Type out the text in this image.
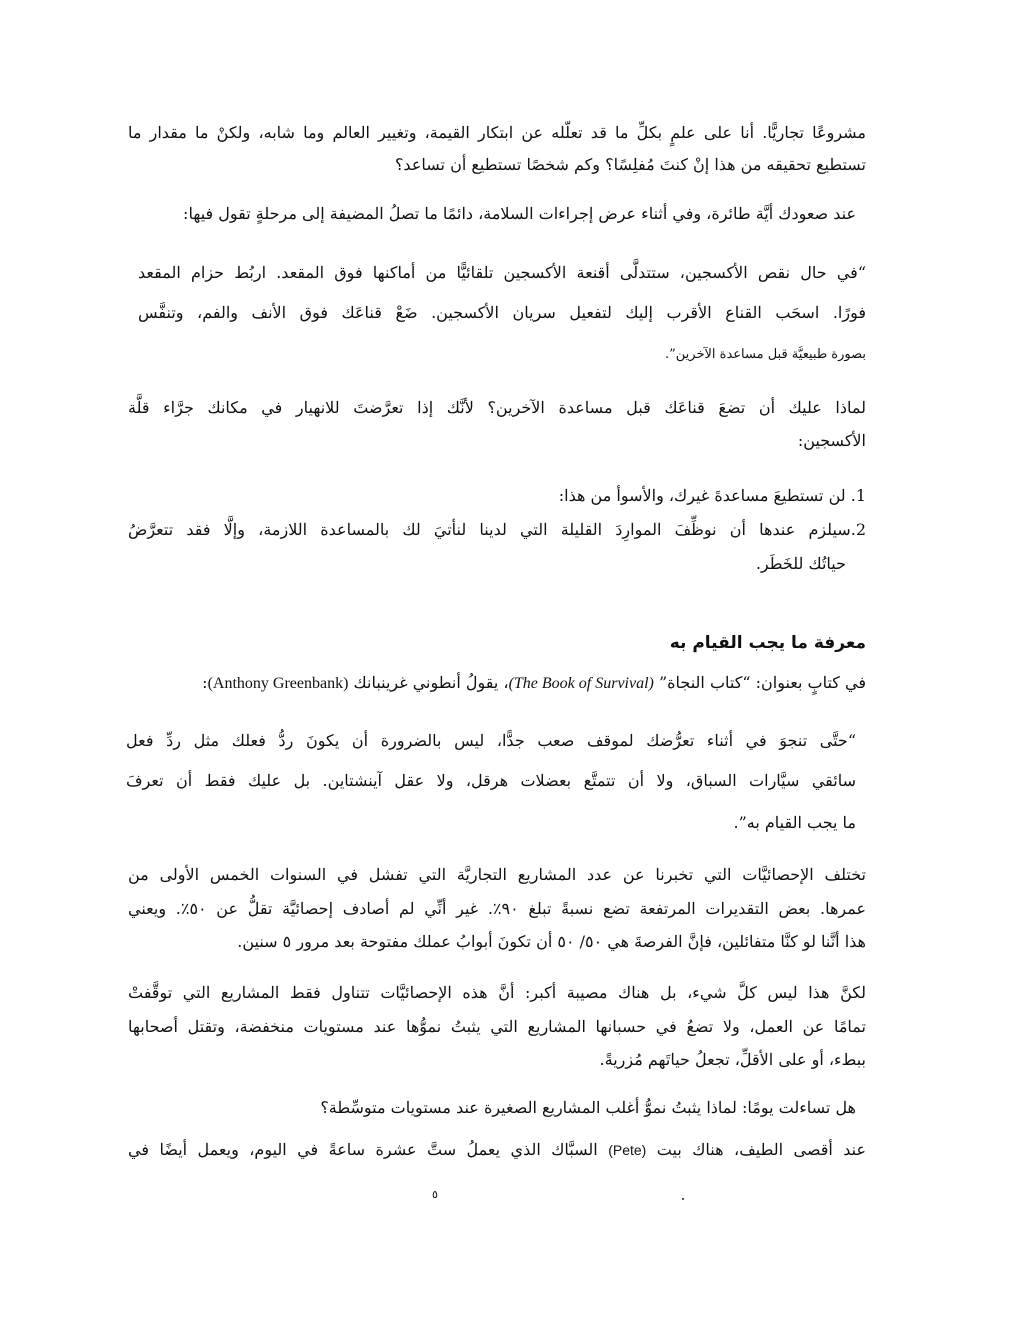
مشروعًا تجاريًّا. أنا على علمٍ بكلِّ ما قد تعلّله عن ابتكار القيمة، وتغيير العالم وما شابه، ولكنْ ما مقدار ما
تستطيع تحقيقه من هذا إنْ كنتَ مُفلِسًا؟ وكم شخصًا تستطيع أن تساعد؟
عند صعودك أيَّة طائرة، وفي أثناء عرض إجراءات السلامة، دائمًا ما تصلُ المضيفة إلى مرحلةٍ تقول فيها:
“في حال نقص الأكسجين، ستتدلَّى أقنعة الأكسجين تلقائيًّا من أماكنها فوق المقعد. اربُط حزام المقعد
فورًا. اسحَب القناع الأقرب إليك لتفعيل سريان الأكسجين. ضَعْ قناعَك فوق الأنف والفم، وتنفَّس
بصورة طبيعيَّة قبل مساعدة الآخرين”.
لماذا عليك أن تضعَ قناعَك قبل مساعدة الآخرين؟ لأنَّك إذا تعرَّضتَ للانهيار في مكانك جرَّاء قلَّة
الأكسجين:
1. لن تستطيعَ مساعدةَ غيرك، والأسوأ من هذا:
2.سيلزم عندها أن نوظِّفَ الموارِدَ القليلة التي لدينا لنأتيَ لك بالمساعدة اللازمة، وإلَّا فقد تتعرَّضُ
حياتُك للخَطَر.
معرفة ما يجب القيام به
في كتابٍ بعنوان: “كتاب النجاة” (The Book of Survival)، يقولُ أنطوني غرينبانك (Anthony Greenbank):
“حتَّى تنجوَ في أثناء تعرُّضك لموقف صعب جدًّا، ليس بالضرورة أن يكونَ ردُّ فعلك مثل ردِّ فعل
سائقي سيَّارات السباق، ولا أن تتمتَّع بعضلات هرقل، ولا عقل آينشتاين. بل عليك فقط أن تعرفَ
ما يجب القيام به”.
تختلف الإحصائيَّات التي تخبرنا عن عدد المشاريع التجاريَّة التي تفشل في السنوات الخمس الأولى من
عمرها. بعض التقديرات المرتفعة تضع نسبةً تبلغ ٩٠٪. غير أنِّي لم أصادف إحصائيَّة تقلُّ عن ٥٠٪. ويعني
هذا أنَّنا لو كنَّا متفائلين، فإنَّ الفرصةَ هي ٥٠/ ٥٠ أن تكونَ أبوابُ عملك مفتوحة بعد مرور ٥ سنين.
لكنَّ هذا ليس كلَّ شيء، بل هناك مصيبة أكبر: أنَّ هذه الإحصائيَّات تتناول فقط المشاريع التي توقَّفتْ
تمامًا عن العمل، ولا تضعُ في حسبانها المشاريع التي يثبتُ نموُّها عند مستويات منخفضة، وتقتل أصحابها
ببطء، أو على الأقلِّ، تجعلُ حياتَهم مُزريةً.
هل تساءلت يومًا: لماذا يثبتُ نموُّ أغلب المشاريع الصغيرة عند مستويات متوسِّطة؟
عند أقصى الطيف، هناك بيت (Pete) السبَّاك الذي يعملُ ستَّ عشرة ساعةً في اليوم، ويعمل أيضًا في
٥
